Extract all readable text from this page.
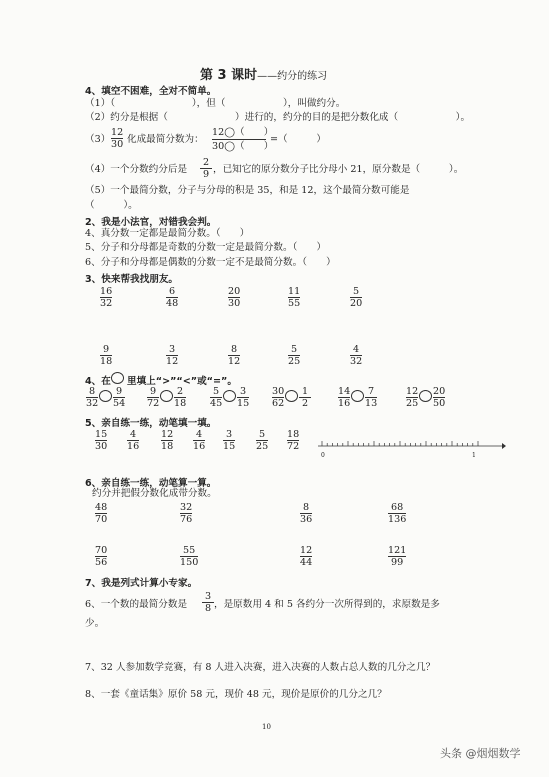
第 3 课时——约分的练习
4、填空不困难，全对不简单。
（1）（　　　　　　　　），但（　　　　　　），叫做约分。
（2）约分是根据（　　　　　　　）进行的，约分的目的是把分数化成（　　　　　　）。
（3）
12
30 化成最简分数为：
12◯（　　）
30◯（　　）
=（　　　）
（4）一个分数约分后是
2
9 ，已知它的原分数分子比分母小 21，原分数是（　　　）。
（5）一个最简分数，分子与分母的积是 35，和是 12，这个最简分数可能是
（　　　）。
2、我是小法官，对错我会判。
4、真分数一定都是最简分数。（　　）
5、分子和分母都是奇数的分数一定是最简分数。（　　）
6、分子和分母都是偶数的分数一定不是最简分数。（　　）
3、快来帮我找朋友。
16
32
6
48
20
30
11
55
5
20
9
18
3
12
8
12
5
25
4
32
4、在 里填上“>”“<”或“=”。
8
32
9
54
9
72
2
18
5
45
3
15
30
62
1
2
14
16
7
13
12
25
20
50
5、亲自练一练，动笔填一填。
15
30
4
16
12
18
4
16
3
15
5
25
18
72
0	1
6、亲自练一练，动笔算一算。
约分并把假分数化成带分数。
48
70
32
76
8
36
68
136
70
56
55
150
12
44
121
99
7、我是列式计算小专家。
6、一个数的最简分数是
3
8 ，是原数用 4 和 5 各约分一次所得到的，求原数是多
少。
7、32 人参加数学竞赛，有 8 人进入决赛，进入决赛的人数占总人数的几分之几？
8、一套《童话集》原价 58 元，现价 48 元，现价是原价的几分之几？
10
头条 @烟烟数学
